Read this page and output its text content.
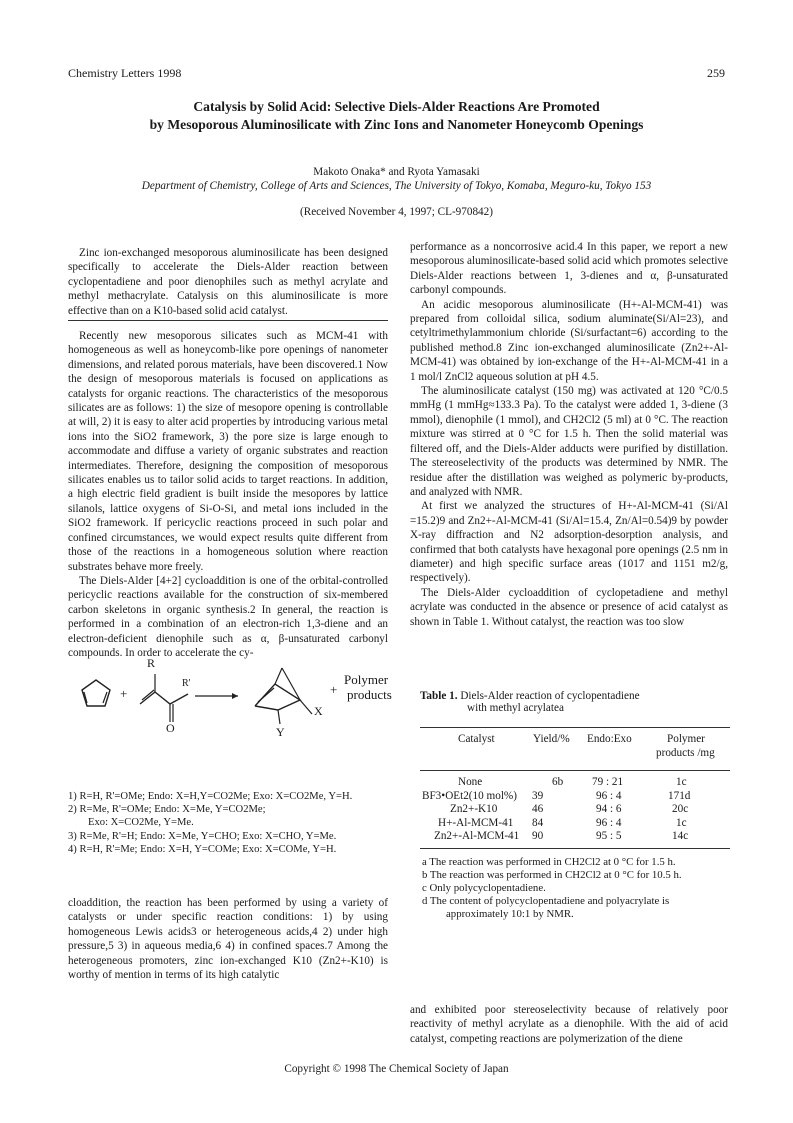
Chemistry Letters 1998	259
Catalysis by Solid Acid: Selective Diels-Alder Reactions Are Promoted
by Mesoporous Aluminosilicate with Zinc Ions and Nanometer Honeycomb Openings
Makoto Onaka* and Ryota Yamasaki
Department of Chemistry, College of Arts and Sciences, The University of Tokyo, Komaba, Meguro-ku, Tokyo 153
(Received November 4, 1997; CL-970842)

Zinc ion-exchanged mesoporous aluminosilicate has been designed specifically to accelerate the Diels-Alder reaction between cyclopentadiene and poor dienophiles such as methyl acrylate and methyl methacrylate. Catalysis on this aluminosilicate is more effective than on a K10-based solid acid catalyst.

Recently new mesoporous silicates such as MCM-41 with homogeneous as well as honeycomb-like pore openings of nanometer dimensions, and related porous materials, have been discovered.1 Now the design of mesoporous materials is focused on applications as catalysts for organic reactions. The characteristics of the mesoporous silicates are as follows: 1) the size of mesopore opening is controllable at will, 2) it is easy to alter acid properties by introducing various metal ions into the SiO2 framework, 3) the pore size is large enough to accommodate and diffuse a variety of organic substrates and reaction intermediates. Therefore, designing the composition of mesoporous silicates enables us to tailor solid acids to target reactions. In addition, a high electric field gradient is built inside the mesopores by lattice silanols, lattice oxygens of Si-O-Si, and metal ions included in the SiO2 framework. If pericyclic reactions proceed in such polar and confined circumstances, we would expect results quite different from those of the reactions in a homogeneous solution where reaction substrates behave more freely.

The Diels-Alder [4+2] cycloaddition is one of the orbital-controlled pericyclic reactions available for the construction of six-membered carbon skeletons in organic synthesis.2 In general, the reaction is performed in a combination of an electron-rich 1,3-diene and an electron-deficient dienophile such as α, β-unsaturated carbonyl compounds. In order to accelerate the cy-

R
R'
O
+
X
Y
+
Polymer
products
1) R=H, R'=OMe; Endo: X=H,Y=CO2Me; Exo: X=CO2Me, Y=H.
2) R=Me, R'=OMe; Endo: X=Me, Y=CO2Me;
Exo: X=CO2Me, Y=Me.
3) R=Me, R'=H; Endo: X=Me, Y=CHO; Exo: X=CHO, Y=Me.
4) R=H, R'=Me; Endo: X=H, Y=COMe; Exo: X=COMe, Y=H.

cloaddition, the reaction has been performed by using a variety of catalysts or under specific reaction conditions: 1) by using homogeneous Lewis acids3 or heterogeneous acids,4 2) under high pressure,5 3) in aqueous media,6 4) in confined spaces.7 Among the heterogeneous promoters, zinc ion-exchanged K10 (Zn2+-K10) is worthy of mention in terms of its high catalytic

performance as a noncorrosive acid.4 In this paper, we report a new mesoporous aluminosilicate-based solid acid which promotes selective Diels-Alder reactions between 1, 3-dienes and α, β-unsaturated carbonyl compounds.

An acidic mesoporous aluminosilicate (H+-Al-MCM-41) was prepared from colloidal silica, sodium aluminate(Si/Al=23), and cetyltrimethylammonium chloride (Si/surfactant=6) according to the published method.8 Zinc ion-exchanged aluminosilicate (Zn2+-Al-MCM-41) was obtained by ion-exchange of the H+-Al-MCM-41 in a 1 mol/l ZnCl2 aqueous solution at pH 4.5.

The aluminosilicate catalyst (150 mg) was activated at 120 °C/0.5 mmHg (1 mmHg≈133.3 Pa). To the catalyst were added 1, 3-diene (3 mmol), dienophile (1 mmol), and CH2Cl2 (5 ml) at 0 °C. The reaction mixture was stirred at 0 °C for 1.5 h. Then the solid material was filtered off, and the Diels-Alder adducts were purified by distillation. The stereoselectivity of the products was determined by NMR. The residue after the distillation was weighed as polymeric by-products, and analyzed with NMR.

At first we analyzed the structures of H+-Al-MCM-41 (Si/Al =15.2)9 and Zn2+-Al-MCM-41 (Si/Al=15.4, Zn/Al=0.54)9 by powder X-ray diffraction and N2 adsorption-desorption analysis, and confirmed that both catalysts have hexagonal pore openings (2.5 nm in diameter) and high specific surface areas (1017 and 1151 m2/g, respectively).

The Diels-Alder cycloaddition of cyclopetadiene and methyl acrylate was conducted in the absence or presence of acid catalyst as shown in Table 1. Without catalyst, the reaction was too slow

Table 1. Diels-Alder reaction of cyclopentadiene
with methyl acrylatea
Catalyst	Yield/% Endo:Exo	Polymer
products /mg
None	6b	79 : 21	1c
BF3•OEt2(10 mol%) 39	96 : 4	171d
Zn2+-K10	46	94 : 6	20c
H+-Al-MCM-41 84	96 : 4	1c
Zn2+-Al-MCM-41 90	95 : 5	14c
a The reaction was performed in CH2Cl2 at 0 °C for 1.5 h.
b The reaction was performed in CH2Cl2 at 0 °C for 10.5 h.
c Only polycyclopentadiene.
d The content of polycyclopentadiene and polyacrylate is
approximately 10:1 by NMR.

and exhibited poor stereoselectivity because of relatively poor reactivity of methyl acrylate as a dienophile. With the aid of acid catalyst, competing reactions are polymerization of the diene

Copyright © 1998 The Chemical Society of Japan
